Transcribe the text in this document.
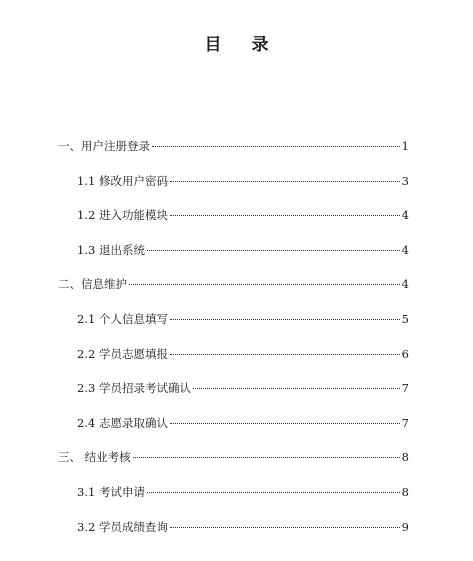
目 录
一、用户注册登录	1
1.1 修改用户密码	3
1.2 进入功能模块	4
1.3 退出系统	4
二、信息维护	4
2.1 个人信息填写	5
2.2 学员志愿填报	6
2.3 学员招录考试确认	7
2.4 志愿录取确认	7
三、 结业考核	8
3.1 考试申请	8
3.2 学员成绩查询	9
